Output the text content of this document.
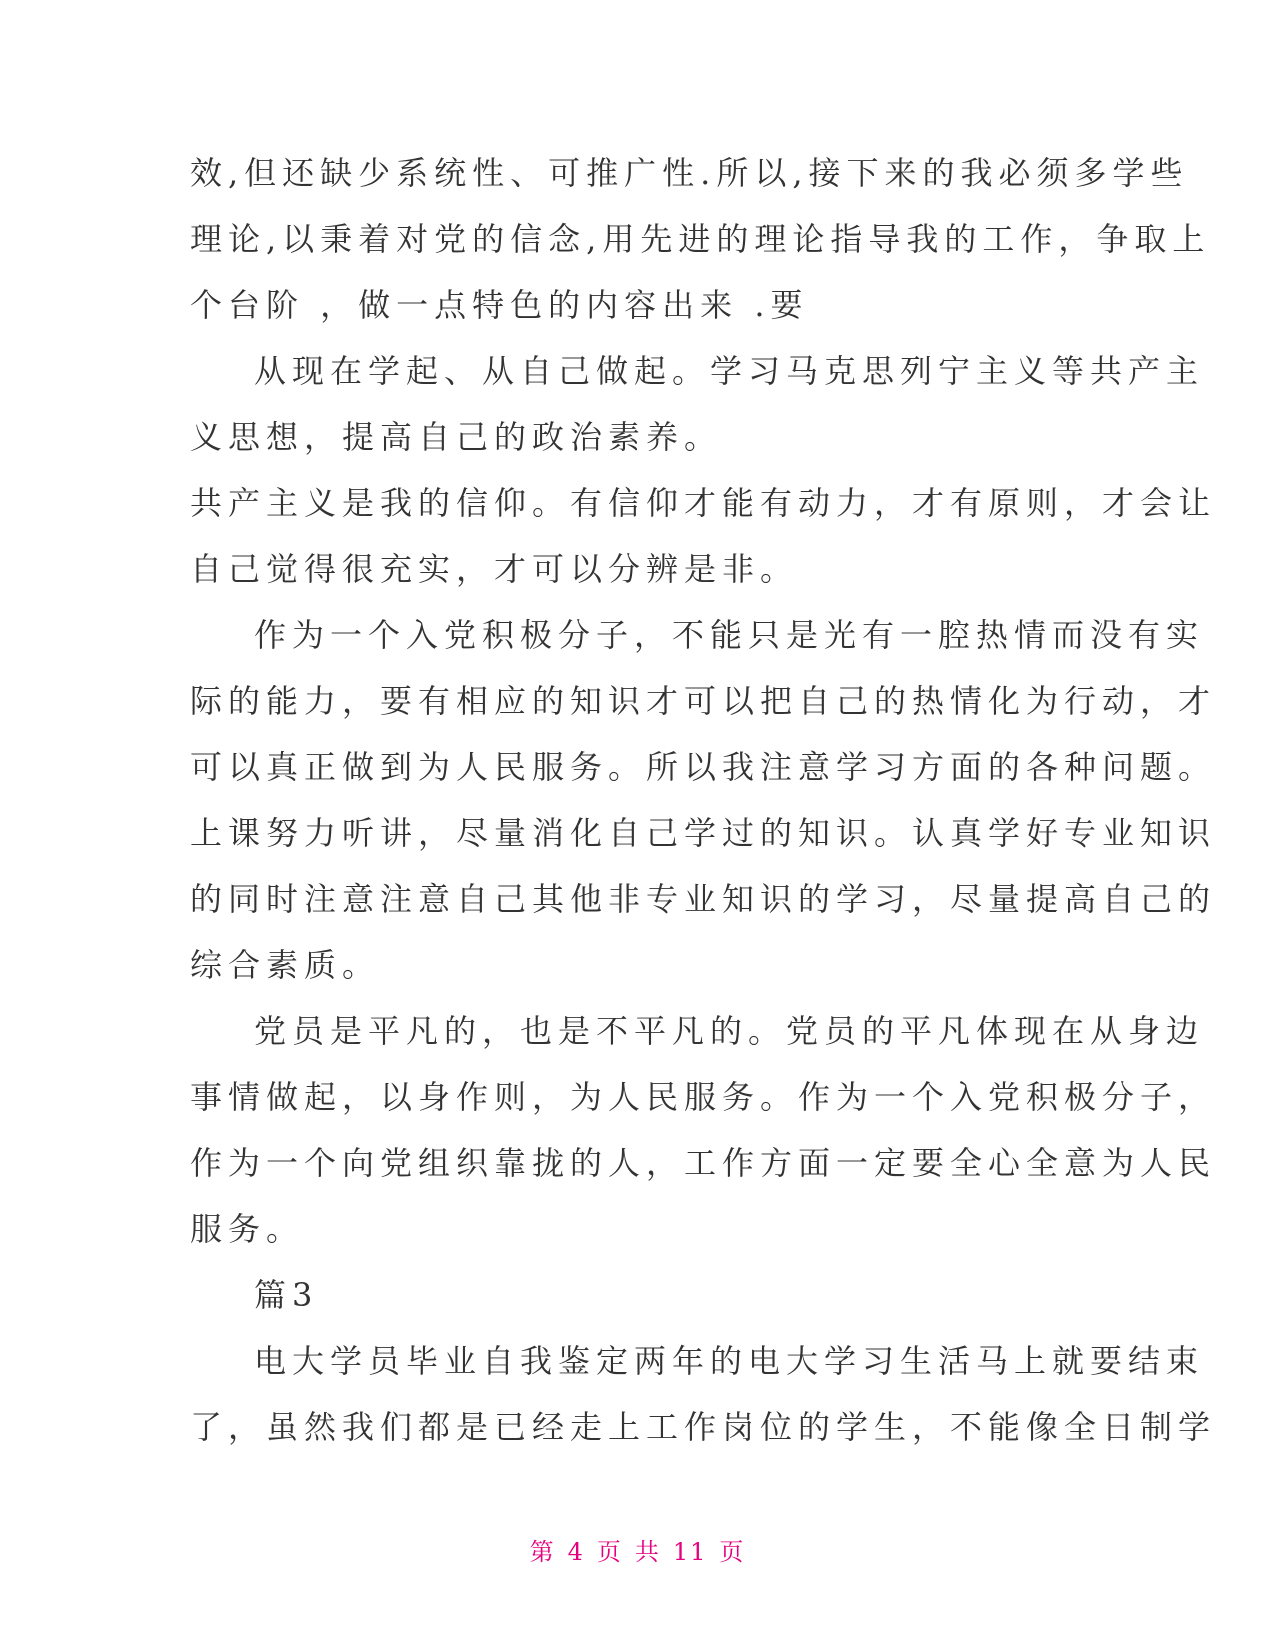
效,但还缺少系统性、可推广性.所以,接下来的我必须多学些
理论,以秉着对党的信念,用先进的理论指导我的工作，争取上
个台阶 ，做一点特色的内容出来 .要
从现在学起、从自己做起。学习马克思列宁主义等共产主
义思想，提高自己的政治素养。
共产主义是我的信仰。有信仰才能有动力，才有原则，才会让
自己觉得很充实，才可以分辨是非。
作为一个入党积极分子，不能只是光有一腔热情而没有实
际的能力，要有相应的知识才可以把自己的热情化为行动，才
可以真正做到为人民服务。所以我注意学习方面的各种问题。
上课努力听讲，尽量消化自己学过的知识。认真学好专业知识
的同时注意注意自己其他非专业知识的学习，尽量提高自己的
综合素质。
党员是平凡的，也是不平凡的。党员的平凡体现在从身边
事情做起，以身作则，为人民服务。作为一个入党积极分子，
作为一个向党组织靠拢的人，工作方面一定要全心全意为人民
服务。
篇3
电大学员毕业自我鉴定两年的电大学习生活马上就要结束
了，虽然我们都是已经走上工作岗位的学生，不能像全日制学
第 4 页 共 11 页
